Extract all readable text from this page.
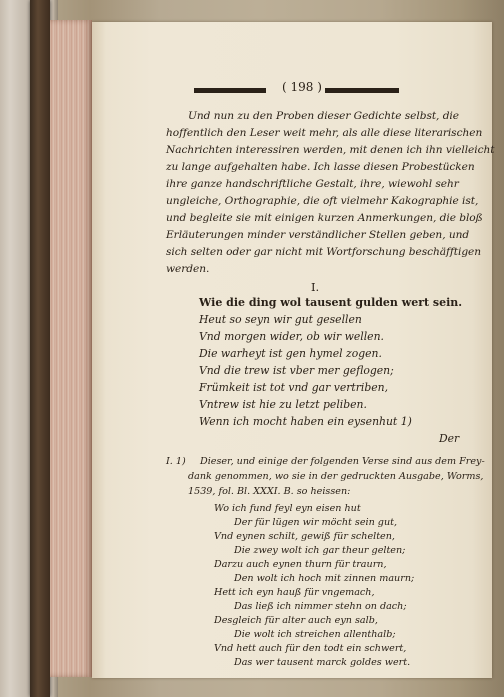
( 198 )
Und nun zu den Proben dieser Gedichte selbst, die
hoffentlich den Leser weit mehr, als alle diese literarischen
Nachrichten interessiren werden, mit denen ich ihn vielleicht
zu lange aufgehalten habe. Ich lasse diesen Probestücken
ihre ganze handschriftliche Gestalt, ihre, wiewohl sehr
ungleiche, Orthographie, die oft vielmehr Kakographie ist,
und begleite sie mit einigen kurzen Anmerkungen, die bloß
Erläuterungen minder verständlicher Stellen geben, und
sich selten oder gar nicht mit Wortforschung beschäfftigen
werden.
I.
Wie die ding wol tausent gulden wert sein.
Heut so seyn wir gut gesellen
Vnd morgen wider, ob wir wellen.
Die warheyt ist gen hymel zogen.
Vnd die trew ist vber mer geflogen;
Frümkeit ist tot vnd gar vertriben,
Vntrew ist hie zu letzt peliben.
Wenn ich mocht haben ein eysenhut 1)
Der
I. 1) Dieser, und einige der folgenden Verse sind aus dem Frey-
dank genommen, wo sie in der gedruckten Ausgabe, Worms,
1539, fol. Bl. XXXI. B. so heissen:
Wo ich fund feyl eyn eisen hut
Der für lügen wir möcht sein gut,
Vnd eynen schilt, gewiß für schelten,
Die zwey wolt ich gar theur gelten;
Darzu auch eynen thurn für traurn,
Den wolt ich hoch mit zinnen maurn;
Hett ich eyn hauß für vngemach,
Das ließ ich nimmer stehn on dach;
Desgleich für alter auch eyn salb,
Die wolt ich streichen allenthalb;
Vnd hett auch für den todt ein schwert,
Das wer tausent marck goldes wert.
